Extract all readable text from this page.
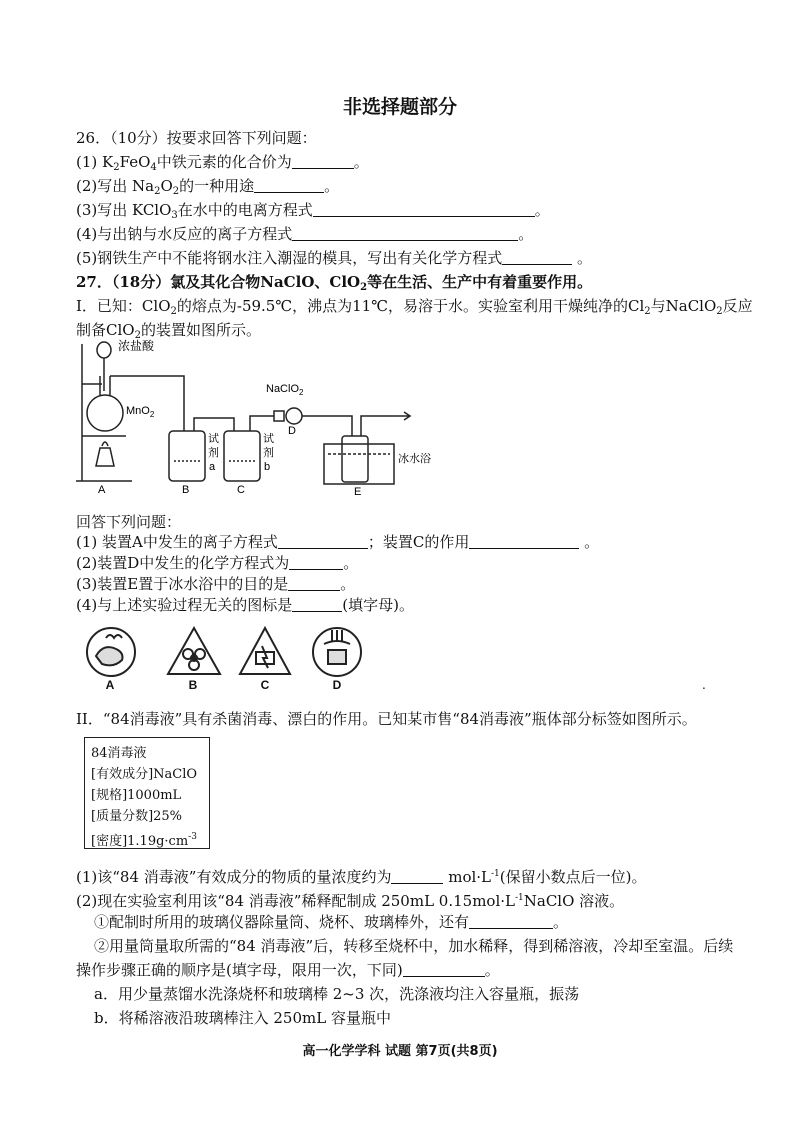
非选择题部分
26．（10分）按要求回答下列问题：
(1) $K_2FeO_4$中铁元素的化合价为	。
(2)写出 $Na_2O_2$的一种用途	。
(3)写出 KClO$_3$在水中的电离方程式	。
(4)与出钠与水反应的离子方程式	。
(5)钢铁生产中不能将钢水注入潮湿的模具，写出有关化学方程式	。
27．（18分）氯及其化合物NaClO、ClO$_2$等在生活、生产中有着重要作用。
I．已知：ClO$_2$的熔点为-59.5℃，沸点为11℃，易溶于水。实验室利用干燥纯净的$Cl_2$与NaClO$_2$反应
制备ClO$_2$的装置如图所示。
浓盐酸
MnO$_2$
NaClO$_2$
试
剂
a
试
剂
b
冰水浴
A	B	C
D
E
回答下列问题：
(1) 装置A中发生的离子方程式	；装置C的作用	。
(2)装置D中发生的化学方程式为	。
(3)装置E置于冰水浴中的目的是	。
(4)与上述实验过程无关的图标是	(填字母)。
A	B	C	D	.
II．“84消毒液”具有杀菌消毒、漂白的作用。已知某市售“84消毒液”瓶体部分标签如图所示。
84消毒液
[有效成分]NaClO
[规格]1000mL
[质量分数]25%
[密度]$1.19g\cdot cm^{-3}$
(1)该“84 消毒液”有效成分的物质的量浓度约为	$mol\cdot L^{-1}$(保留小数点后一位)。
(2)现在实验室利用该“84 消毒液”稀释配制成 250mL $0.15mol\cdot L^{-1}NaClO$ 溶液。
①配制时所用的玻璃仪器除量筒、烧杯、玻璃棒外，还有	。
②用量筒量取所需的“84 消毒液”后，转移至烧杯中，加水稀释，得到稀溶液，冷却至室温。后续
操作步骤正确的顺序是(填字母，限用一次，下同)	。
a．用少量蒸馏水洗涤烧杯和玻璃棒 2~3 次，洗涤液均注入容量瓶，振荡
b．将稀溶液沿玻璃棒注入 250mL 容量瓶中
高一化学学科 试题 第7页(共8页)
